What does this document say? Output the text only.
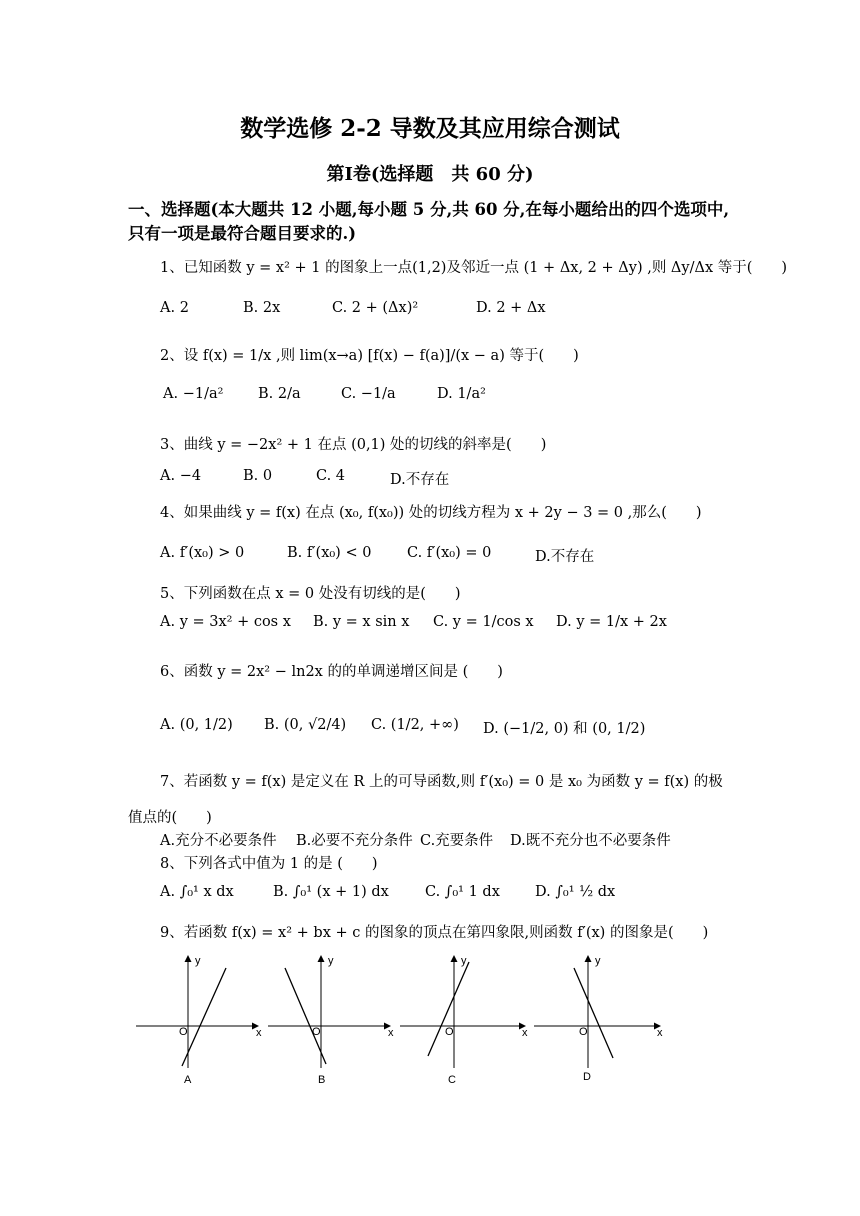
数学选修 2-2 导数及其应用综合测试
第Ⅰ卷(选择题　共 60 分)
一、选择题(本大题共 12 小题,每小题 5 分,共 60 分,在每小题给出的四个选项中,
只有一项是最符合题目要求的.)
1、已知函数 y = x² + 1 的图象上一点(1,2)及邻近一点 (1 + Δx, 2 + Δy) ,则 Δy/Δx 等于(　　)
A. 2	B. 2x	C. 2 + (Δx)²	D. 2 + Δx
2、设 f(x) = 1/x ,则 lim(x→a) [f(x) − f(a)]/(x − a) 等于(　　)
A. −1/a² B. 2/a	C. −1/a	D. 1/a²
3、曲线 y = −2x² + 1 在点 (0,1) 处的切线的斜率是(　　)
A. −4	B. 0	C. 4	D.不存在
4、如果曲线 y = f(x) 在点 (x₀, f(x₀)) 处的切线方程为 x + 2y − 3 = 0 ,那么(　　)
A. f′(x₀) > 0	B. f′(x₀) < 0 C. f′(x₀) = 0	D.不存在
5、下列函数在点 x = 0 处没有切线的是(　　)
A. y = 3x² + cos x B. y = x sin x C. y = 1/cos x D. y = 1/x + 2x
6、函数 y = 2x² − ln2x 的的单调递增区间是 (　　)
A. (0, 1/2) B. (0, √2/4) C. (1/2, +∞) D. (−1/2, 0) 和 (0, 1/2)
7、若函数 y = f(x) 是定义在 R 上的可导函数,则 f′(x₀) = 0 是 x₀ 为函数 y = f(x) 的极
值点的(　　)
A.充分不必要条件 B.必要不充分条件 C.充要条件 D.既不充分也不必要条件
8、下列各式中值为 1 的是 (　　)
A. ∫₀¹ x dx	B. ∫₀¹ (x + 1) dx C. ∫₀¹ 1 dx D. ∫₀¹ ½ dx
9、若函数 f(x) = x² + bx + c 的图象的顶点在第四象限,则函数 f′(x) 的图象是(　　)
y
x
O
A
y
x
O
B
y
x
O
C
y
x
O
D
